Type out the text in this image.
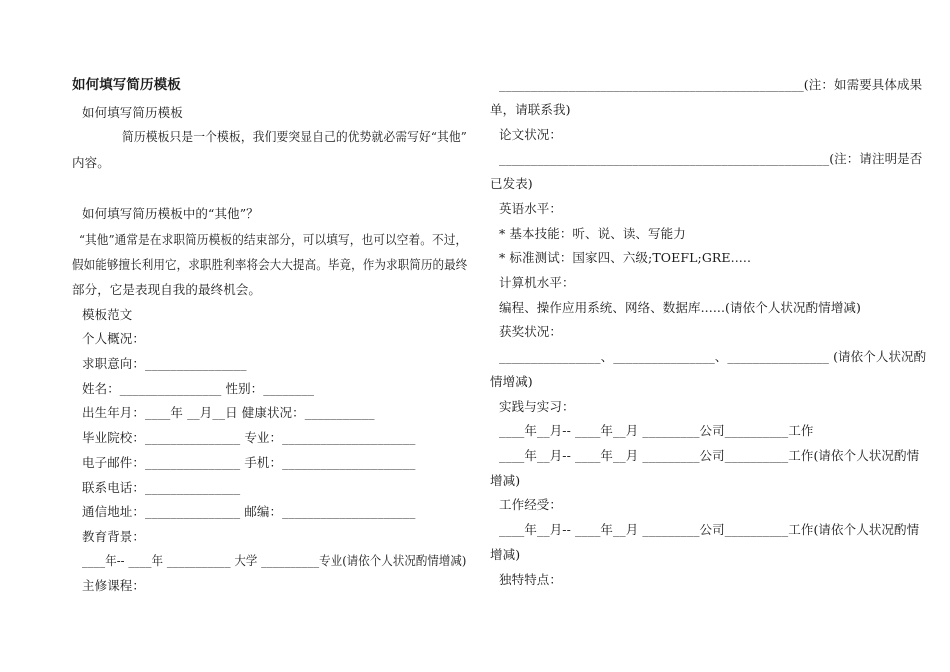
如何填写简历模板
如何填写简历模板
简历模板只是一个模板，我们要突显自己的优势就必需写好“其他”
内容。
如何填写简历模板中的“其他”？
“其他”通常是在求职简历模板的结束部分，可以填写，也可以空着。不过，
假如能够擅长利用它，求职胜利率将会大大提高。毕竟，作为求职简历的最终
部分，它是表现自我的最终机会。
模板范文
个人概况：
求职意向：________________
姓名：________________ 性别：________
出生年月：____年 __月__日 健康状况：___________
毕业院校：_______________ 专业：_____________________
电子邮件：_______________ 手机：_____________________
联系电话：_______________
通信地址：_______________ 邮编：_____________________
教育背景：
____年-- ____年 ___________ 大学 __________专业(请依个人状况酌情增减)
主修课程：
________________________________________________(注：如需要具体成果
单，请联系我)
论文状况：
____________________________________________________(注：请注明是否
已发表)
英语水平：
* 基本技能：听、说、读、写能力
* 标准测试：国家四、六级;TOEFL;GRE.....
计算机水平：
编程、操作应用系统、网络、数据库......(请依个人状况酌情增减)
获奖状况：
________________、________________、________________ (请依个人状况酌
情增减)
实践与实习：
____年__月-- ____年__月 _________公司__________工作
____年__月-- ____年__月 _________公司__________工作(请依个人状况酌情
增减)
工作经受：
____年__月-- ____年__月 _________公司__________工作(请依个人状况酌情
增减)
独特特点：
